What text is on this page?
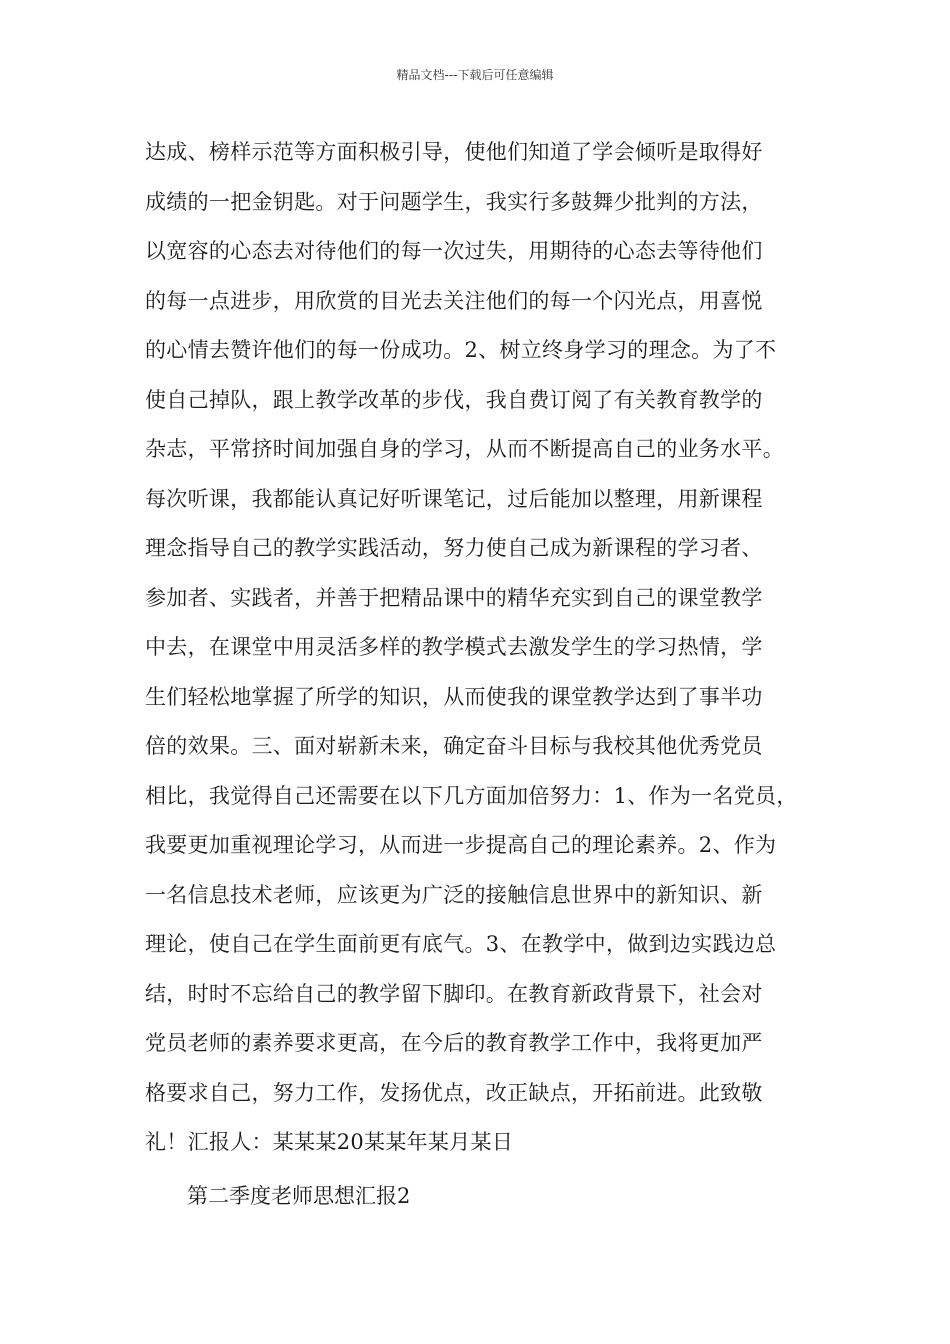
精品文档---下载后可任意编辑
达成、榜样示范等方面积极引导，使他们知道了学会倾听是取得好
成绩的一把金钥匙。对于问题学生，我实行多鼓舞少批判的方法，
以宽容的心态去对待他们的每一次过失，用期待的心态去等待他们
的每一点进步，用欣赏的目光去关注他们的每一个闪光点，用喜悦
的心情去赞许他们的每一份成功。2、树立终身学习的理念。为了不
使自己掉队，跟上教学改革的步伐，我自费订阅了有关教育教学的
杂志，平常挤时间加强自身的学习，从而不断提高自己的业务水平。
每次听课，我都能认真记好听课笔记，过后能加以整理，用新课程
理念指导自己的教学实践活动，努力使自己成为新课程的学习者、
参加者、实践者，并善于把精品课中的精华充实到自己的课堂教学
中去，在课堂中用灵活多样的教学模式去激发学生的学习热情，学
生们轻松地掌握了所学的知识，从而使我的课堂教学达到了事半功
倍的效果。三、面对崭新未来，确定奋斗目标与我校其他优秀党员
相比，我觉得自己还需要在以下几方面加倍努力：1、作为一名党员，
我要更加重视理论学习，从而进一步提高自己的理论素养。2、作为
一名信息技术老师，应该更为广泛的接触信息世界中的新知识、新
理论，使自己在学生面前更有底气。3、在教学中，做到边实践边总
结，时时不忘给自己的教学留下脚印。在教育新政背景下，社会对
党员老师的素养要求更高，在今后的教育教学工作中，我将更加严
格要求自己，努力工作，发扬优点，改正缺点，开拓前进。此致敬
礼！汇报人：某某某20某某年某月某日
第二季度老师思想汇报2
